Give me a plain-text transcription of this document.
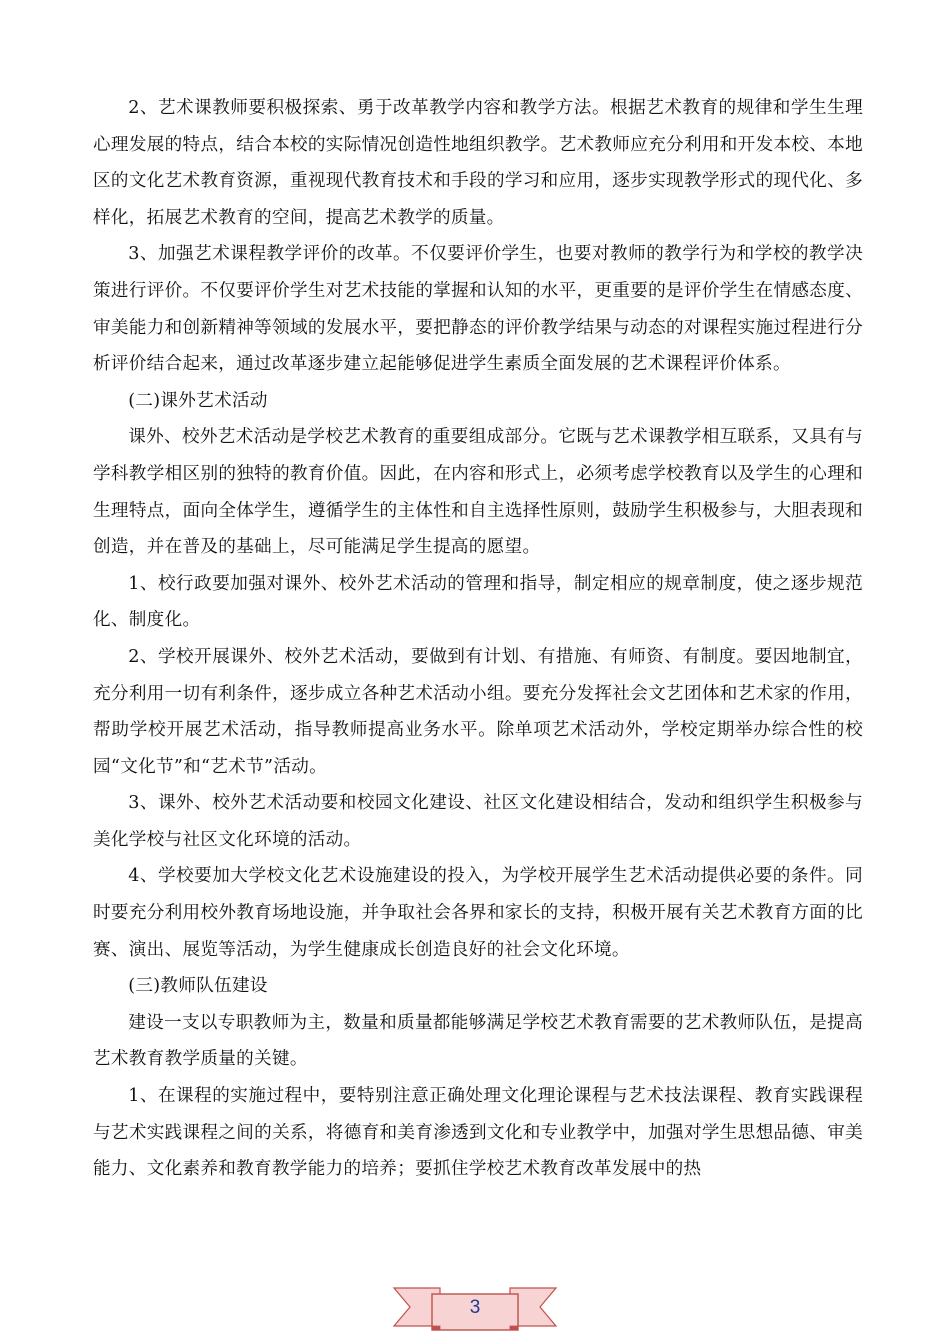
2、艺术课教师要积极探索、勇于改革教学内容和教学方法。根据艺术教育的规律和学生生理心理发展的特点，结合本校的实际情况创造性地组织教学。艺术教师应充分利用和开发本校、本地区的文化艺术教育资源，重视现代教育技术和手段的学习和应用，逐步实现教学形式的现代化、多样化，拓展艺术教育的空间，提高艺术教学的质量。

3、加强艺术课程教学评价的改革。不仅要评价学生，也要对教师的教学行为和学校的教学决策进行评价。不仅要评价学生对艺术技能的掌握和认知的水平，更重要的是评价学生在情感态度、审美能力和创新精神等领域的发展水平，要把静态的评价教学结果与动态的对课程实施过程进行分析评价结合起来，通过改革逐步建立起能够促进学生素质全面发展的艺术课程评价体系。

(二)课外艺术活动

课外、校外艺术活动是学校艺术教育的重要组成部分。它既与艺术课教学相互联系，又具有与学科教学相区别的独特的教育价值。因此，在内容和形式上，必须考虑学校教育以及学生的心理和生理特点，面向全体学生，遵循学生的主体性和自主选择性原则，鼓励学生积极参与，大胆表现和创造，并在普及的基础上，尽可能满足学生提高的愿望。

1、校行政要加强对课外、校外艺术活动的管理和指导，制定相应的规章制度，使之逐步规范化、制度化。

2、学校开展课外、校外艺术活动，要做到有计划、有措施、有师资、有制度。要因地制宜，充分利用一切有利条件，逐步成立各种艺术活动小组。要充分发挥社会文艺团体和艺术家的作用，帮助学校开展艺术活动，指导教师提高业务水平。除单项艺术活动外，学校定期举办综合性的校园“文化节”和“艺术节”活动。

3、课外、校外艺术活动要和校园文化建设、社区文化建设相结合，发动和组织学生积极参与美化学校与社区文化环境的活动。

4、学校要加大学校文化艺术设施建设的投入，为学校开展学生艺术活动提供必要的条件。同时要充分利用校外教育场地设施，并争取社会各界和家长的支持，积极开展有关艺术教育方面的比赛、演出、展览等活动，为学生健康成长创造良好的社会文化环境。

(三)教师队伍建设

建设一支以专职教师为主，数量和质量都能够满足学校艺术教育需要的艺术教师队伍，是提高艺术教育教学质量的关键。

1、在课程的实施过程中，要特别注意正确处理文化理论课程与艺术技法课程、教育实践课程与艺术实践课程之间的关系，将德育和美育渗透到文化和专业教学中，加强对学生思想品德、审美能力、文化素养和教育教学能力的培养；要抓住学校艺术教育改革发展中的热

3
